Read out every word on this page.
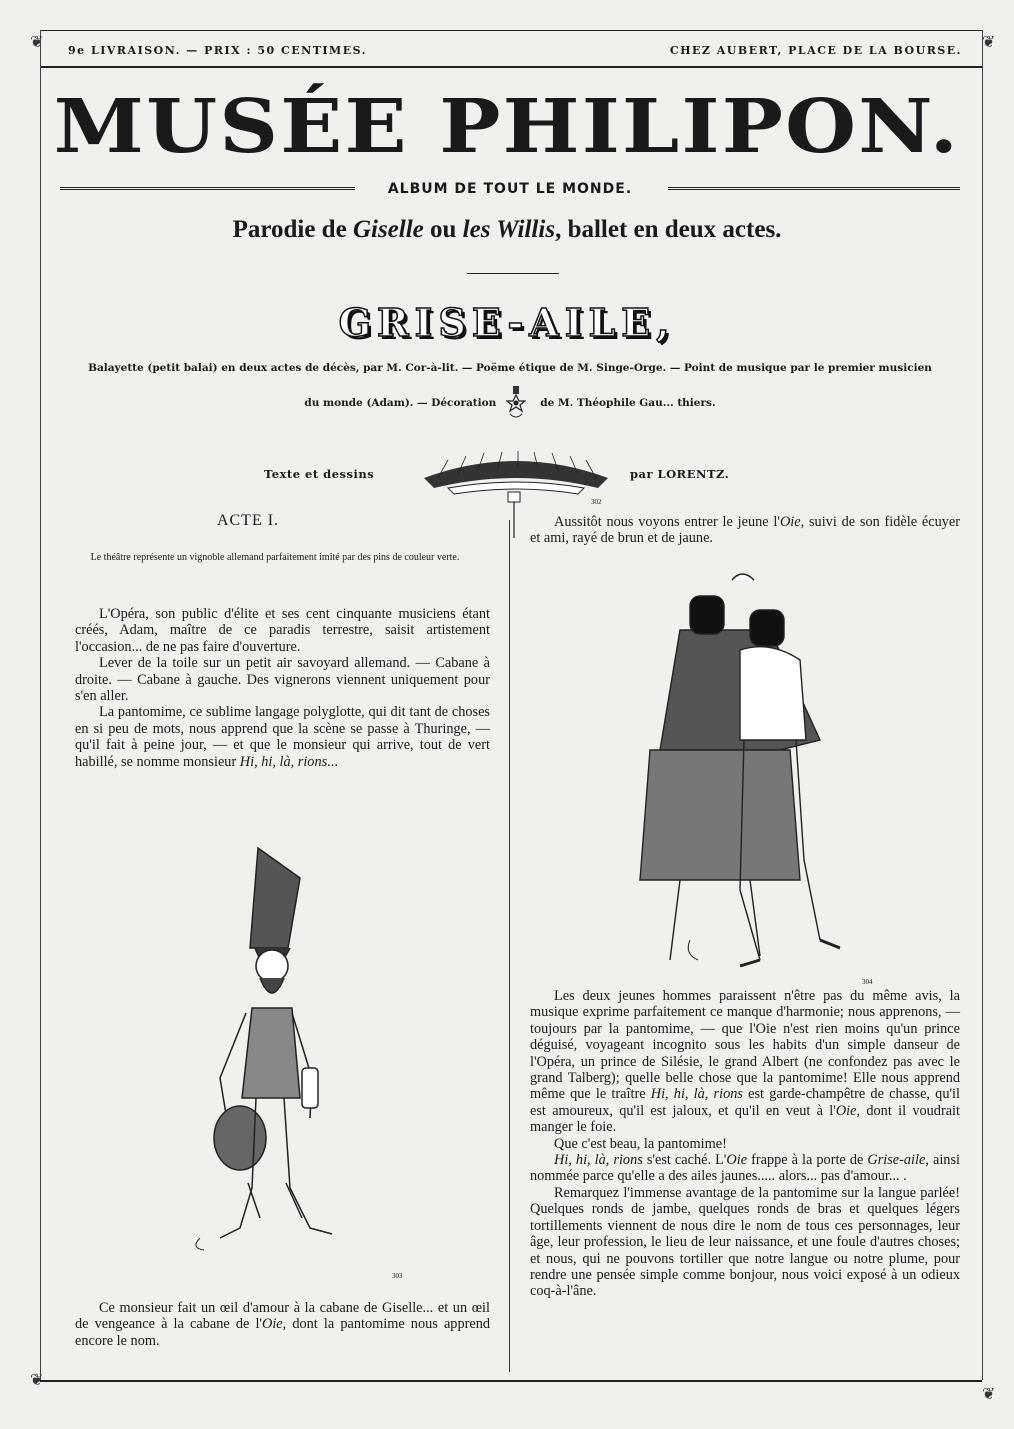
❦	❦
❦
❦
9e LIVRAISON. — PRIX : 50 CENTIMES.	CHEZ AUBERT, PLACE DE LA BOURSE.
MUSÉE PHILIPON.
ALBUM DE TOUT LE MONDE.
Parodie de Giselle ou les Willis, ballet en deux actes.
GRISE-AILE,
Balayette (petit balai) en deux actes de décès, par M. Cor-à-lit. — Poëme étique de M. Singe-Orge. — Point de musique par le premier musicien
du monde (Adam). — Décoration	de M. Théophile Gau... thiers.
Texte et dessins
302
par LORENTZ.
ACTE I.
Le théâtre représente un vignoble allemand parfaitement imité par des pins de couleur verte.

L'Opéra, son public d'élite et ses cent cinquante musiciens étant créés, Adam, maître de ce paradis terrestre, saisit artistement l'occasion... de ne pas faire d'ouverture.

Lever de la toile sur un petit air savoyard allemand. — Cabane à droite. — Cabane à gauche. Des vignerons viennent uniquement pour s'en aller.

La pantomime, ce sublime langage polyglotte, qui dit tant de choses en si peu de mots, nous apprend que la scène se passe à Thuringe, — qu'il fait à peine jour, — et que le monsieur qui arrive, tout de vert habillé, se nomme monsieur Hi, hi, là, rions...

303

Ce monsieur fait un œil d'amour à la cabane de Giselle... et un œil de vengeance à la cabane de l'Oie, dont la pantomime nous apprend encore le nom.

Aussitôt nous voyons entrer le jeune l'Oie, suivi de son fidèle écuyer et ami, rayé de brun et de jaune.

304

Les deux jeunes hommes paraissent n'être pas du même avis, la musique exprime parfaitement ce manque d'harmonie; nous apprenons, — toujours par la pantomime, — que l'Oie n'est rien moins qu'un prince déguisé, voyageant incognito sous les habits d'un simple danseur de l'Opéra, un prince de Silésie, le grand Albert (ne confondez pas avec le grand Talberg); quelle belle chose que la pantomime! Elle nous apprend même que le traître Hi, hi, là, rions est garde-champêtre de chasse, qu'il est amoureux, qu'il est jaloux, et qu'il en veut à l'Oie, dont il voudrait manger le foie.

Que c'est beau, la pantomime!

Hi, hi, là, rions s'est caché. L'Oie frappe à la porte de Grise-aile, ainsi nommée parce qu'elle a des ailes jaunes..... alors... pas d'amour... .

Remarquez l'immense avantage de la pantomime sur la langue parlée! Quelques ronds de jambe, quelques ronds de bras et quelques légers tortillements viennent de nous dire le nom de tous ces personnages, leur âge, leur profession, le lieu de leur naissance, et une foule d'autres choses; et nous, qui ne pouvons tortiller que notre langue ou notre plume, pour rendre une pensée simple comme bonjour, nous voici exposé à un odieux coq-à-l'âne.
